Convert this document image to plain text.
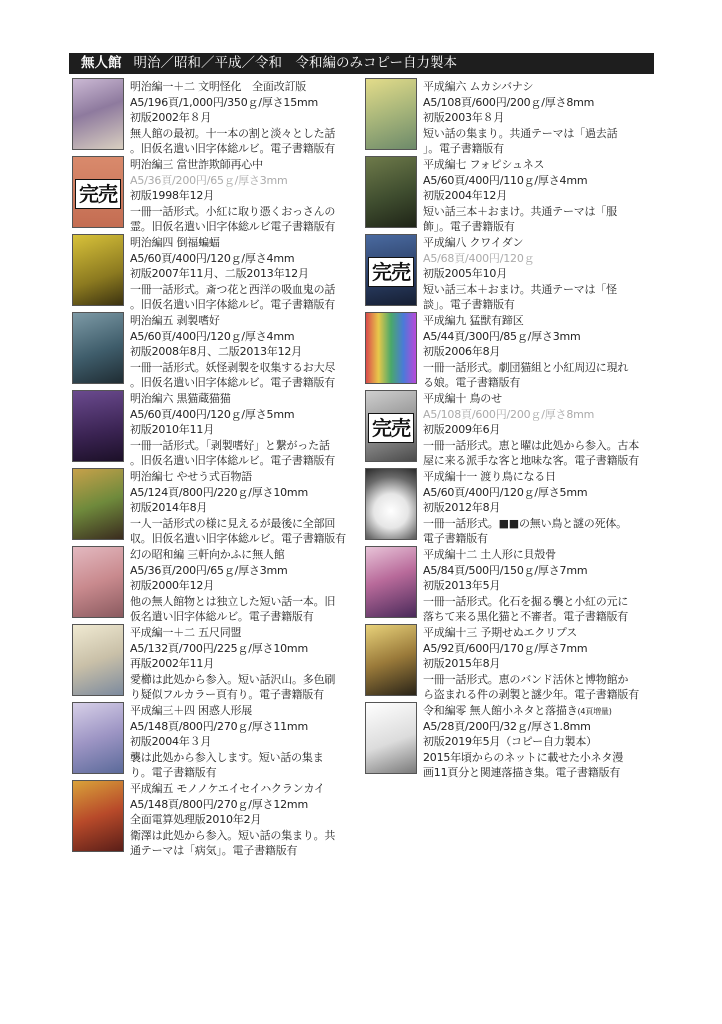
無人館 明治／昭和／平成／令和　令和編のみコピー自力製本
明治編一＋二 文明怪化　全面改訂版
A5/196頁/1,000円/350ｇ/厚さ15mm
初版2002年８月
無人館の最初。十一本の割と淡々とした話
。旧仮名遣い旧字体総ルビ。電子書籍版有
完売
明治編三 當世詐欺師再心中
A5/36頁/200円/65ｇ/厚さ3mm
初版1998年12月
一冊一話形式。小紅に取り憑くおっさんの
霊。旧仮名遣い旧字体総ルビ電子書籍版有
明治編四 倒福蝙蝠
A5/60頁/400円/120ｇ/厚さ4mm
初版2007年11月、二版2013年12月
一冊一話形式。斎つ花と西洋の吸血鬼の話
。旧仮名遣い旧字体総ルビ。電子書籍版有
明治編五 剥製嗜好
A5/60頁/400円/120ｇ/厚さ4mm
初版2008年8月、二版2013年12月
一冊一話形式。妖怪剥製を収集するお大尽
。旧仮名遣い旧字体総ルビ。電子書籍版有
明治編六 黒猫蔵猫猫
A5/60頁/400円/120ｇ/厚さ5mm
初版2010年11月
一冊一話形式。「剥製嗜好」と繋がった話
。旧仮名遣い旧字体総ルビ。電子書籍版有
明治編七 やせう式百物語
A5/124頁/800円/220ｇ/厚さ10mm
初版2014年8月
一人一話形式の様に見えるが最後に全部回
収。旧仮名遣い旧字体総ルビ。電子書籍版有
幻の昭和編 三軒向かふに無人館
A5/36頁/200円/65ｇ/厚さ3mm
初版2000年12月
他の無人館物とは独立した短い話一本。旧
仮名遣い旧字体総ルビ。電子書籍版有
平成編一＋二 五尺同盟
A5/132頁/700円/225ｇ/厚さ10mm
再版2002年11月
愛櫛は此処から参入。短い話沢山。多色刷
り疑似フルカラー頁有り。電子書籍版有
平成編三＋四 困惑人形展
A5/148頁/800円/270ｇ/厚さ11mm
初版2004年３月
襲は此処から参入します。短い話の集ま
り。電子書籍版有
平成編五 モノノケエイセイハクランカイ
A5/148頁/800円/270ｇ/厚さ12mm
全面電算処理版2010年2月
衛澤は此処から参入。短い話の集まり。共
通テーマは「病気」。電子書籍版有
平成編六 ムカシバナシ
A5/108頁/600円/200ｇ/厚さ8mm
初版2003年８月
短い話の集まり。共通テーマは「過去話
」。電子書籍版有
平成編七 フォピシュネス
A5/60頁/400円/110ｇ/厚さ4mm
初版2004年12月
短い話三本＋おまけ。共通テーマは「服
飾」。電子書籍版有
完売
平成編八 クワイダン
A5/68頁/400円/120ｇ
初版2005年10月
短い話三本＋おまけ。共通テーマは「怪
談」。電子書籍版有
平成編九 猛獣有蹄区
A5/44頁/300円/85ｇ/厚さ3mm
初版2006年8月
一冊一話形式。劇団猫組と小紅周辺に現れ
る娘。電子書籍版有
完売
平成編十 鳥のせ
A5/108頁/600円/200ｇ/厚さ8mm
初版2009年6月
一冊一話形式。恵と曜は此処から参入。古本
屋に来る派手な客と地味な客。電子書籍版有
平成編十一 渡り鳥になる日
A5/60頁/400円/120ｇ/厚さ5mm
初版2012年8月
一冊一話形式。■■の無い鳥と謎の死体。
電子書籍版有
平成編十二 土人形に貝殻骨
A5/84頁/500円/150ｇ/厚さ7mm
初版2013年5月
一冊一話形式。化石を掘る襲と小紅の元に
落ちて来る黒化猫と不審者。電子書籍版有
平成編十三 予期せぬエクリプス
A5/92頁/600円/170ｇ/厚さ7mm
初版2015年8月
一冊一話形式。恵のバンド活休と博物館か
ら盗まれる件の剥製と謎少年。電子書籍版有
令和編零 無人館小ネタと落描き(4頁増量)
A5/28頁/200円/32ｇ/厚さ1.8mm
初版2019年5月（コピー自力製本）
2015年頃からのネットに載せた小ネタ漫
画11頁分と関連落描き集。電子書籍版有
